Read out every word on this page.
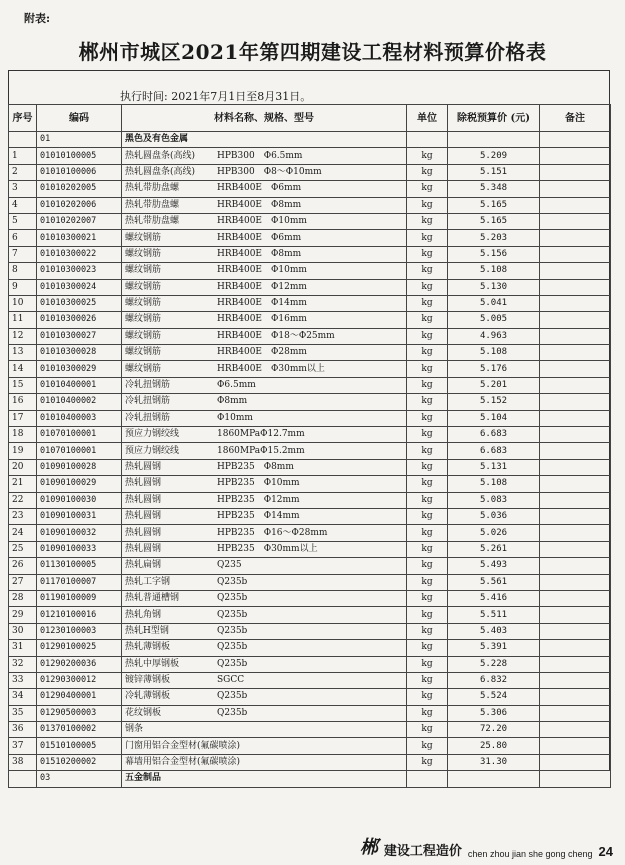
附表:
郴州市城区2021年第四期建设工程材料预算价格表
执行时间: 2021年7月1日至8月31日。
序号	编码	材料名称、规格、型号	单位	除税预算价 (元)	备注
	01	黑色及有色金属			
1	01010100005	热轧圆盘条(高线) HPB300　Φ6.5mm	kg	5.209	
2	01010100006	热轧圆盘条(高线) HPB300　Φ8～Φ10mm	kg	5.151	
3	01010202005	热轧带肋盘螺 HRB400E　Φ6mm	kg	5.348	
4	01010202006	热轧带肋盘螺 HRB400E　Φ8mm	kg	5.165	
5	01010202007	热轧带肋盘螺 HRB400E　Φ10mm	kg	5.165	
6	01010300021	螺纹钢筋 HRB400E　Φ6mm	kg	5.203	
7	01010300022	螺纹钢筋 HRB400E　Φ8mm	kg	5.156	
8	01010300023	螺纹钢筋 HRB400E　Φ10mm	kg	5.108	
9	01010300024	螺纹钢筋 HRB400E　Φ12mm	kg	5.130	
10	01010300025	螺纹钢筋 HRB400E　Φ14mm	kg	5.041	
11	01010300026	螺纹钢筋 HRB400E　Φ16mm	kg	5.005	
12	01010300027	螺纹钢筋 HRB400E　Φ18～Φ25mm	kg	4.963	
13	01010300028	螺纹钢筋 HRB400E　Φ28mm	kg	5.108	
14	01010300029	螺纹钢筋 HRB400E　Φ30mm以上	kg	5.176	
15	01010400001	冷轧扭钢筋 Φ6.5mm	kg	5.201	
16	01010400002	冷轧扭钢筋 Φ8mm	kg	5.152	
17	01010400003	冷轧扭钢筋 Φ10mm	kg	5.104	
18	01070100001	预应力钢绞线 1860MPaΦ12.7mm	kg	6.683	
19	01070100001	预应力钢绞线 1860MPaΦ15.2mm	kg	6.683	
20	01090100028	热轧圆钢 HPB235　Φ8mm	kg	5.131	
21	01090100029	热轧圆钢 HPB235　Φ10mm	kg	5.108	
22	01090100030	热轧圆钢 HPB235　Φ12mm	kg	5.083	
23	01090100031	热轧圆钢 HPB235　Φ14mm	kg	5.036	
24	01090100032	热轧圆钢 HPB235　Φ16～Φ28mm	kg	5.026	
25	01090100033	热轧圆钢 HPB235　Φ30mm以上	kg	5.261	
26	01130100005	热轧扁钢 Q235	kg	5.493	
27	01170100007	热轧工字钢 Q235b	kg	5.561	
28	01190100009	热轧普通槽钢 Q235b	kg	5.416	
29	01210100016	热轧角钢 Q235b	kg	5.511	
30	01230100003	热轧H型钢 Q235b	kg	5.403	
31	01290100025	热轧薄钢板 Q235b	kg	5.391	
32	01290200036	热轧中厚钢板 Q235b	kg	5.228	
33	01290300012	镀锌薄钢板 SGCC	kg	6.832	
34	01290400001	冷轧薄钢板 Q235b	kg	5.524	
35	01290500003	花纹钢板 Q235b	kg	5.306	
36	01370100002	钢条	kg	72.20	
37	01510100005	门窗用铝合金型材(氟碳喷涂)	kg	25.80	
38	01510200002	幕墙用铝合金型材(氟碳喷涂)	kg	31.30	
	03	五金制品			
郴 建设工程造价 chen zhou jian she gong cheng 24
